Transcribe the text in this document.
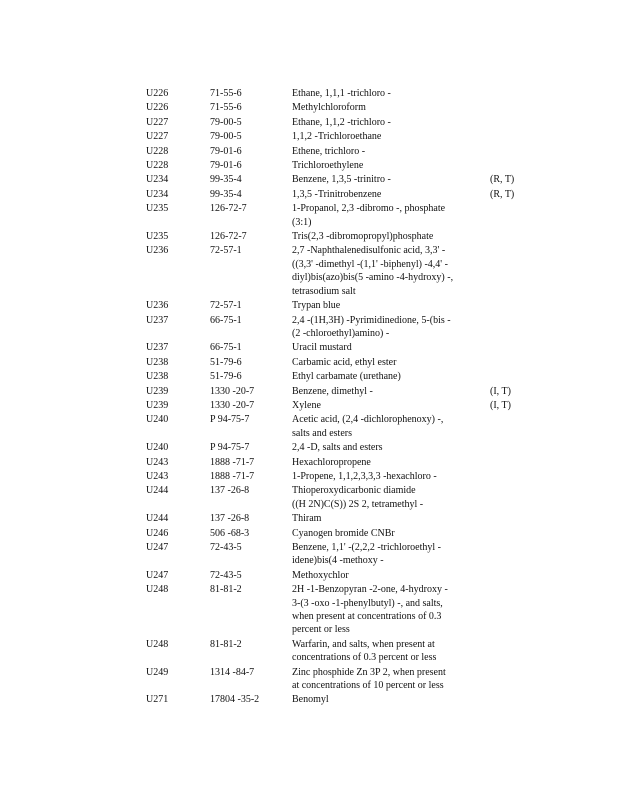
U226	71-55-6	Ethane, 1,1,1 -trichloro -
U226	71-55-6	Methylchloroform
U227	79-00-5	Ethane, 1,1,2 -trichloro -
U227	79-00-5	1,1,2 -Trichloroethane
U228	79-01-6	Ethene, trichloro -
U228	79-01-6	Trichloroethylene
U234	99-35-4	Benzene, 1,3,5 -trinitro -	(R, T)
U234	99-35-4	1,3,5 -Trinitrobenzene	(R, T)
U235	126-72-7	1-Propanol, 2,3 -dibromo -, phosphate
(3:1)
U235	126-72-7	Tris(2,3 -dibromopropyl)phosphate
U236	72-57-1	2,7 -Naphthalenedisulfonic acid, 3,3' -
((3,3' -dimethyl -(1,1' -biphenyl) -4,4' -
diyl)bis(azo)bis(5 -amino -4-hydroxy) -,
tetrasodium salt
U236	72-57-1	Trypan blue
U237	66-75-1	2,4 -(1H,3H) -Pyrimidinedione, 5-(bis -
(2 -chloroethyl)amino) -
U237	66-75-1	Uracil mustard
U238	51-79-6	Carbamic acid, ethyl ester
U238	51-79-6	Ethyl carbamate (urethane)
U239	1330 -20-7	Benzene, dimethyl -	(I, T)
U239	1330 -20-7	Xylene	(I, T)
U240	P 94-75-7	Acetic acid, (2,4 -dichlorophenoxy) -,
salts and esters
U240	P 94-75-7	2,4 -D, salts and esters
U243	1888 -71-7	Hexachloropropene
U243	1888 -71-7	1-Propene, 1,1,2,3,3,3 -hexachloro -
U244	137 -26-8	Thioperoxydicarbonic diamide
((H 2N)C(S)) 2S 2, tetramethyl -
U244	137 -26-8	Thiram
U246	506 -68-3	Cyanogen bromide CNBr
U247	72-43-5	Benzene, 1,1' -(2,2,2 -trichloroethyl -
idene)bis(4 -methoxy -
U247	72-43-5	Methoxychlor
U248	81-81-2	2H -1-Benzopyran -2-one, 4-hydroxy -
3-(3 -oxo -1-phenylbutyl) -, and salts,
when present at concentrations of 0.3
percent or less
U248	81-81-2	Warfarin, and salts, when present at
concentrations of 0.3 percent or less
U249	1314 -84-7	Zinc phosphide Zn 3P 2, when present
at concentrations of 10 percent or less
U271	17804 -35-2	Benomyl
